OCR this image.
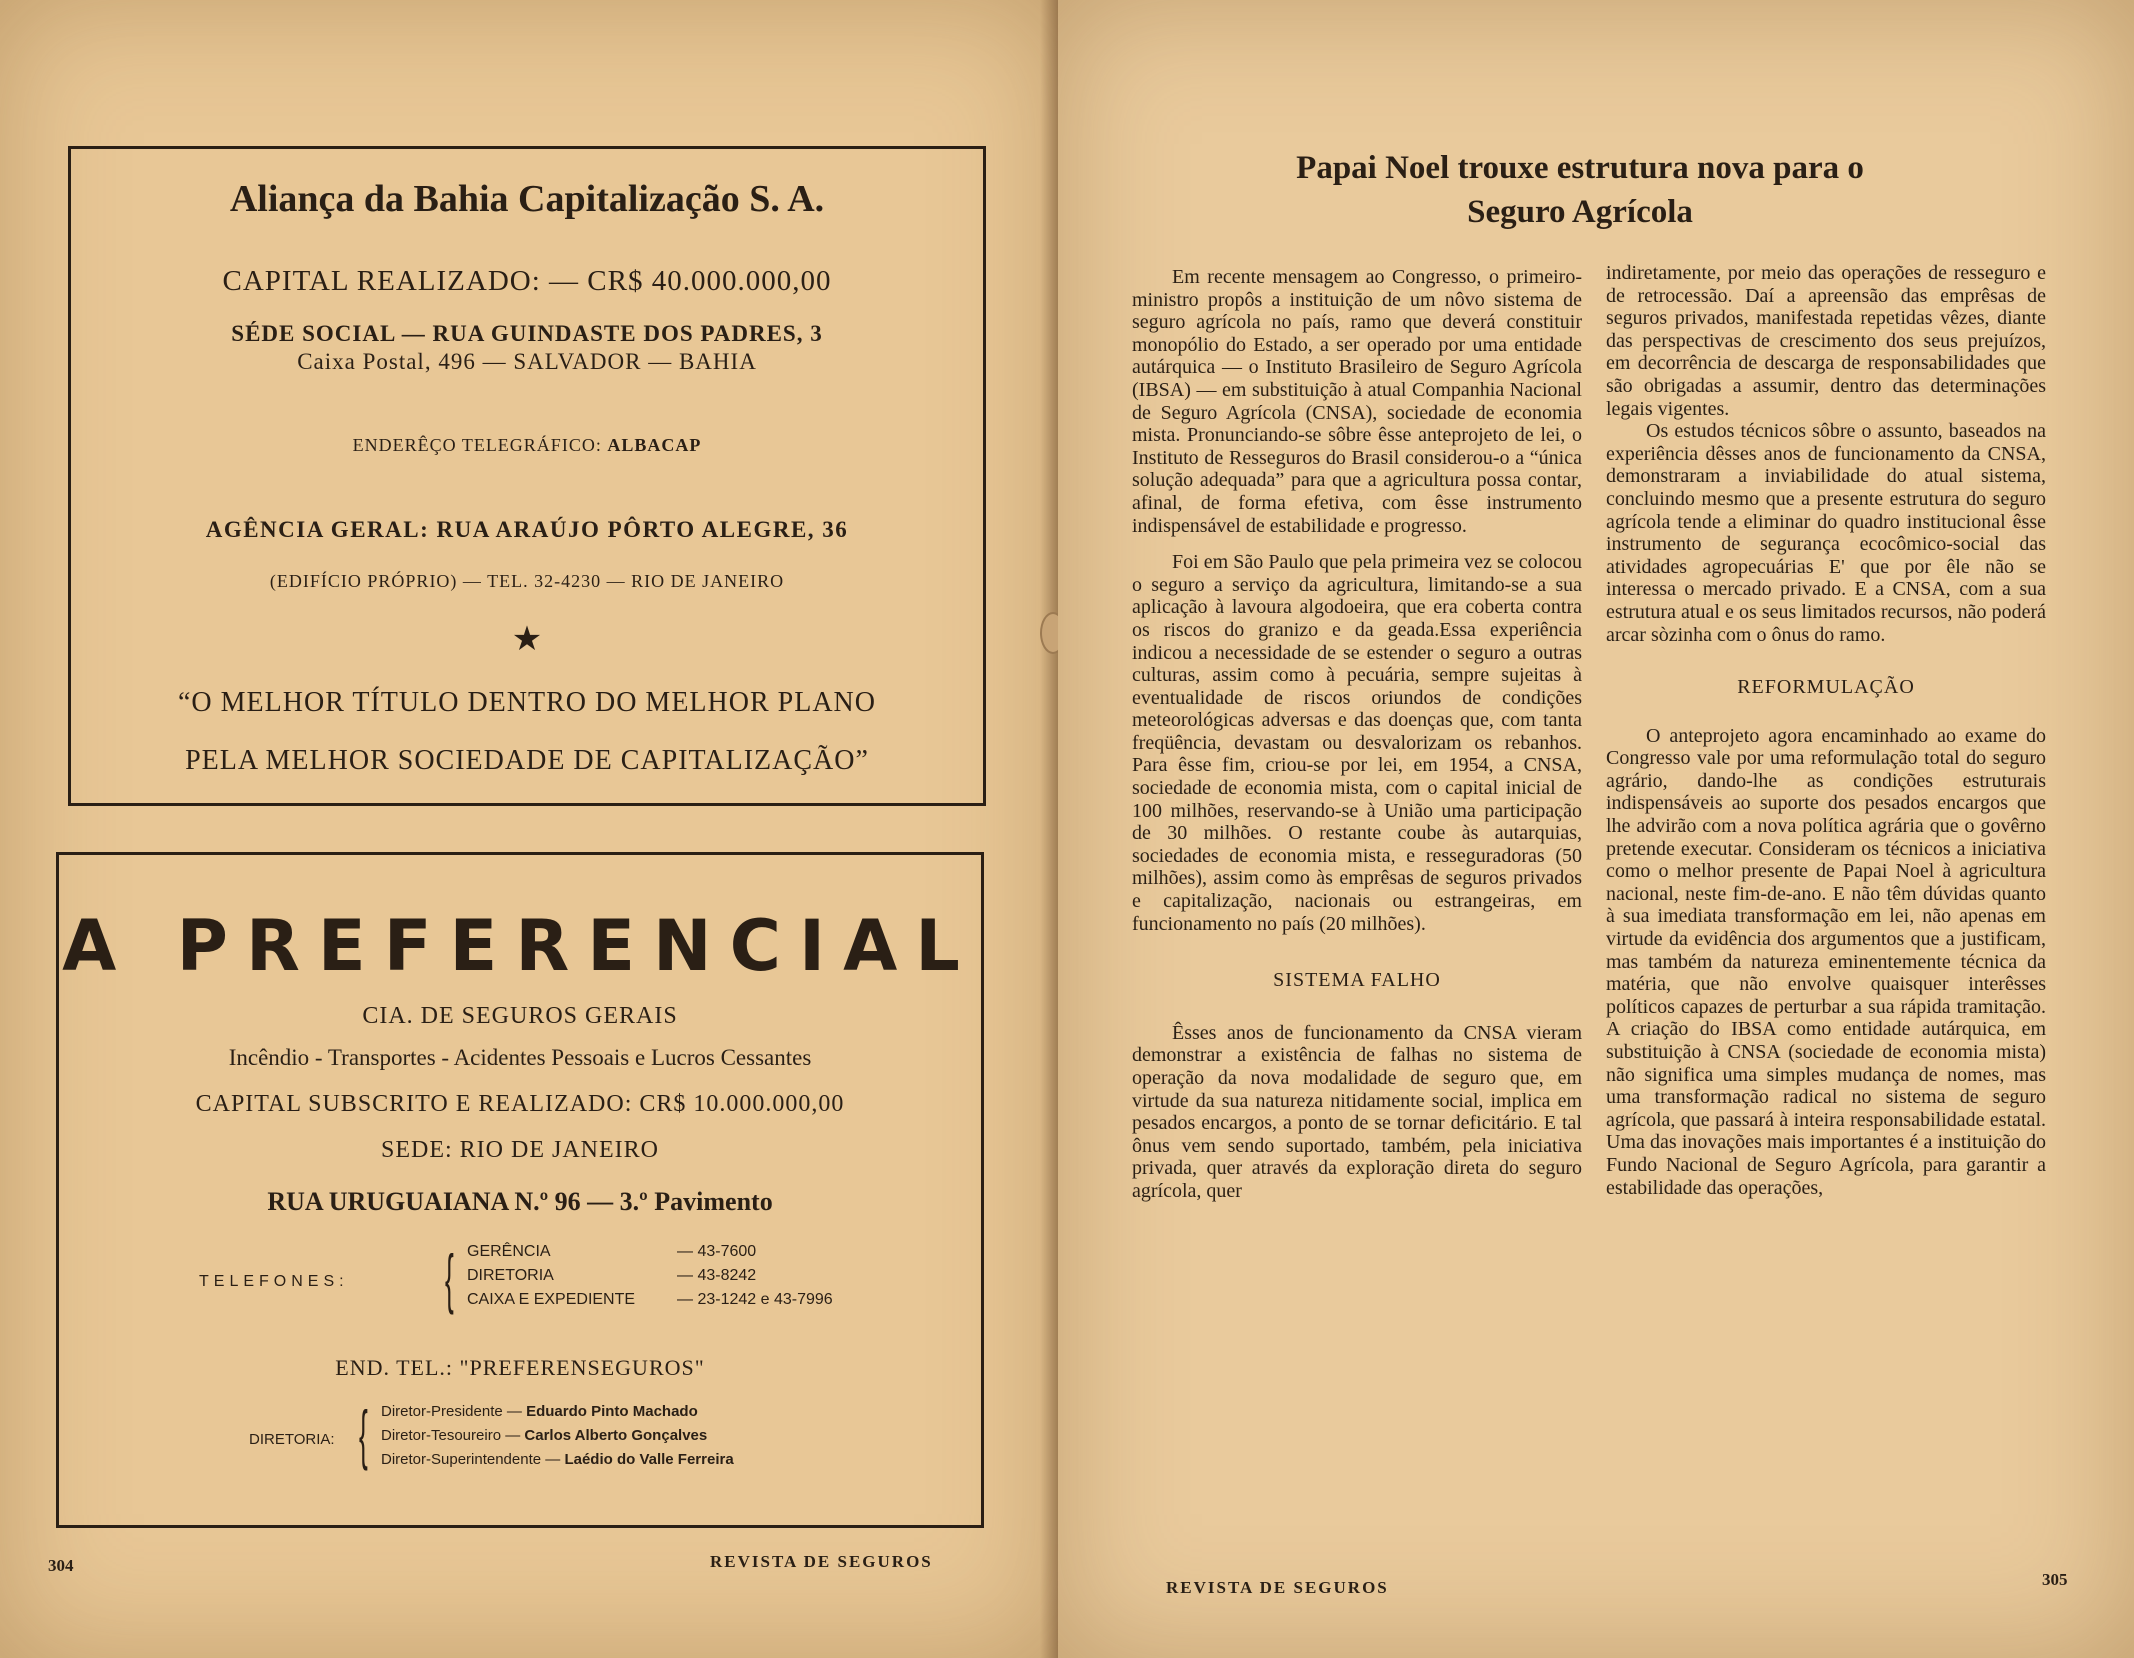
Aliança da Bahia Capitalização S. A.
CAPITAL REALIZADO: — CR$ 40.000.000,00
SÉDE SOCIAL — RUA GUINDASTE DOS PADRES, 3
Caixa Postal, 496 — SALVADOR — BAHIA
ENDERÊÇO TELEGRÁFICO: ALBACAP
AGÊNCIA GERAL: RUA ARAÚJO PÔRTO ALEGRE, 36
(EDIFÍCIO PRÓPRIO) — TEL. 32-4230 — RIO DE JANEIRO
★
“O MELHOR TÍTULO DENTRO DO MELHOR PLANO
PELA MELHOR SOCIEDADE DE CAPITALIZAÇÃO”
A PREFERENCIAL
CIA. DE SEGUROS GERAIS
Incêndio - Transportes - Acidentes Pessoais e Lucros Cessantes
CAPITAL SUBSCRITO E REALIZADO: CR$ 10.000.000,00
SEDE: RIO DE JANEIRO
RUA URUGUAIANA N.º 96 — 3.º Pavimento
TELEFONES: { GERÊNCIA	— 43-7600
DIRETORIA	— 43-8242
CAIXA E EXPEDIENTE	— 23-1242 e 43-7996
END. TEL.: "PREFERENSEGUROS"
DIRETORIA: { Diretor-Presidente — Eduardo Pinto Machado
Diretor-Tesoureiro — Carlos Alberto Gonçalves
Diretor-Superintendente — Laédio do Valle Ferreira
304	REVISTA DE SEGUROS
Papai Noel trouxe estrutura nova para o
Seguro Agrícola

Em recente mensagem ao Congresso, o primeiro-ministro propôs a instituição de um nôvo sistema de seguro agrícola no país, ramo que deverá constituir monopólio do Estado, a ser operado por uma entidade autárquica — o Instituto Brasileiro de Seguro Agrícola (IBSA) — em substituição à atual Companhia Nacional de Seguro Agrícola (CNSA), sociedade de economia mista. Pronunciando-se sôbre êsse anteprojeto de lei, o Instituto de Resseguros do Brasil considerou-o a “única solução adequada” para que a agricultura possa contar, afinal, de forma efetiva, com êsse instrumento indispensável de estabilidade e progresso.

Foi em São Paulo que pela primeira vez se colocou o seguro a serviço da agricultura, limitando-se a sua aplicação à lavoura algodoeira, que era coberta contra os riscos do granizo e da geada.Essa experiência indicou a necessidade de se estender o seguro a outras culturas, assim como à pecuária, sempre sujeitas à eventualidade de riscos oriundos de condições meteorológicas adversas e das doenças que, com tanta freqüência, devastam ou desvalorizam os rebanhos. Para êsse fim, criou-se por lei, em 1954, a CNSA, sociedade de economia mista, com o capital inicial de 100 milhões, reservando-se à União uma participação de 30 milhões. O restante coube às autarquias, sociedades de economia mista, e resseguradoras (50 milhões), assim como às emprêsas de seguros privados e capitalização, nacionais ou estrangeiras, em funcionamento no país (20 milhões).

SISTEMA FALHO

Êsses anos de funcionamento da CNSA vieram demonstrar a existência de falhas no sistema de operação da nova modalidade de seguro que, em virtude da sua natureza nitidamente social, implica em pesados encargos, a ponto de se tornar deficitário. E tal ônus vem sendo suportado, também, pela iniciativa privada, quer através da exploração direta do seguro agrícola, quer

indiretamente, por meio das operações de resseguro e de retrocessão. Daí a apreensão das emprêsas de seguros privados, manifestada repetidas vêzes, diante das perspectivas de crescimento dos seus prejuízos, em decorrência de descarga de responsabilidades que são obrigadas a assumir, dentro das determinações legais vigentes.

Os estudos técnicos sôbre o assunto, baseados na experiência dêsses anos de funcionamento da CNSA, demonstraram a inviabilidade do atual sistema, concluindo mesmo que a presente estrutura do seguro agrícola tende a eliminar do quadro institucional êsse instrumento de segurança ecocômico-social das atividades agropecuárias E' que por êle não se interessa o mercado privado. E a CNSA, com a sua estrutura atual e os seus limitados recursos, não poderá arcar sòzinha com o ônus do ramo.

REFORMULAÇÃO

O anteprojeto agora encaminhado ao exame do Congresso vale por uma reformulação total do seguro agrário, dando-lhe as condições estruturais indispensáveis ao suporte dos pesados encargos que lhe advirão com a nova política agrária que o govêrno pretende executar. Consideram os técnicos a iniciativa como o melhor presente de Papai Noel à agricultura nacional, neste fim-de-ano. E não têm dúvidas quanto à sua imediata transformação em lei, não apenas em virtude da evidência dos argumentos que a justificam, mas também da natureza eminentemente técnica da matéria, que não envolve quaisquer interêsses políticos capazes de perturbar a sua rápida tramitação. A criação do IBSA como entidade autárquica, em substituição à CNSA (sociedade de economia mista) não significa uma simples mudança de nomes, mas uma transformação radical no sistema de seguro agrícola, que passará à inteira responsabilidade estatal. Uma das inovações mais importantes é a instituição do Fundo Nacional de Seguro Agrícola, para garantir a estabilidade das operações,

REVISTA DE SEGUROS	305
